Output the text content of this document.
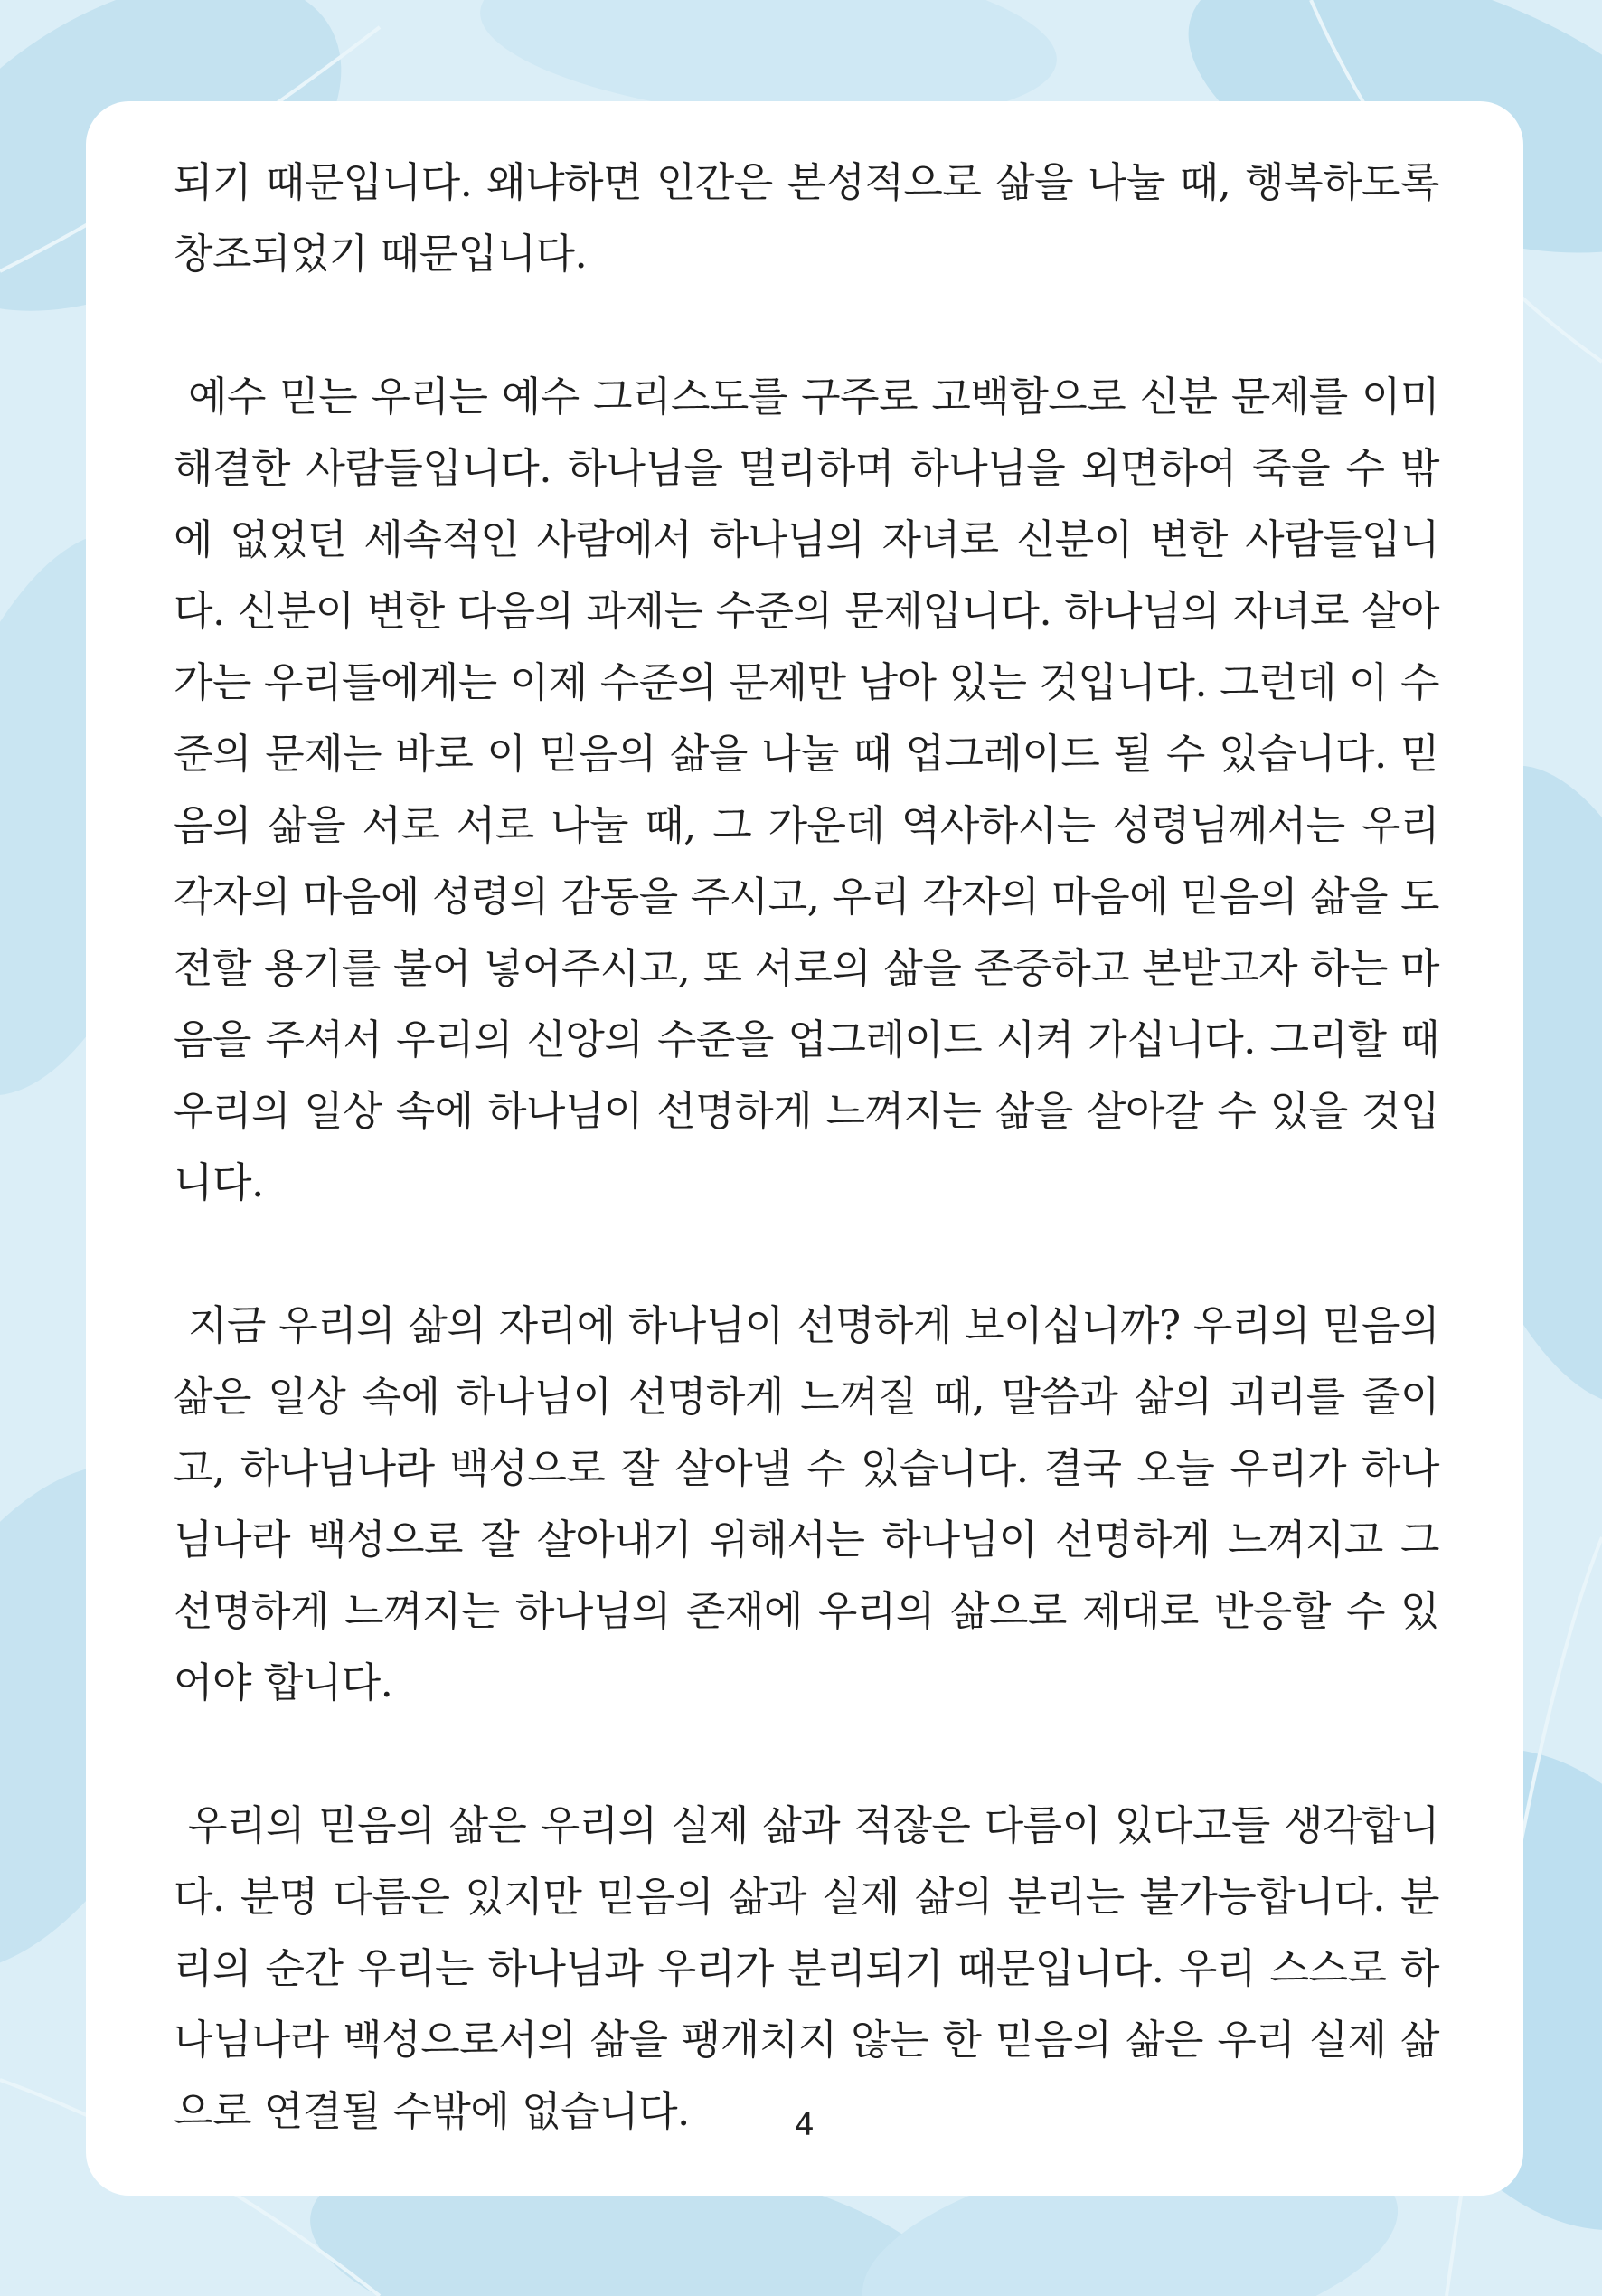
되기 때문입니다. 왜냐하면 인간은 본성적으로 삶을 나눌 때, 행복하도록 창조되었기 때문입니다.

예수 믿는 우리는 예수 그리스도를 구주로 고백함으로 신분 문제를 이미 해결한 사람들입니다. 하나님을 멀리하며 하나님을 외면하여 죽을 수 밖에 없었던 세속적인 사람에서 하나님의 자녀로 신분이 변한 사람들입니다. 신분이 변한 다음의 과제는 수준의 문제입니다. 하나님의 자녀로 살아가는 우리들에게는 이제 수준의 문제만 남아 있는 것입니다. 그런데 이 수준의 문제는 바로 이 믿음의 삶을 나눌 때 업그레이드 될 수 있습니다. 믿음의 삶을 서로 서로 나눌 때, 그 가운데 역사하시는 성령님께서는 우리 각자의 마음에 성령의 감동을 주시고, 우리 각자의 마음에 믿음의 삶을 도전할 용기를 불어 넣어주시고, 또 서로의 삶을 존중하고 본받고자 하는 마음을 주셔서 우리의 신앙의 수준을 업그레이드 시켜 가십니다. 그리할 때 우리의 일상 속에 하나님이 선명하게 느껴지는 삶을 살아갈 수 있을 것입니다.

지금 우리의 삶의 자리에 하나님이 선명하게 보이십니까? 우리의 믿음의 삶은 일상 속에 하나님이 선명하게 느껴질 때, 말씀과 삶의 괴리를 줄이고, 하나님나라 백성으로 잘 살아낼 수 있습니다. 결국 오늘 우리가 하나님나라 백성으로 잘 살아내기 위해서는 하나님이 선명하게 느껴지고 그 선명하게 느껴지는 하나님의 존재에 우리의 삶으로 제대로 반응할 수 있어야 합니다.

우리의 믿음의 삶은 우리의 실제 삶과 적잖은 다름이 있다고들 생각합니다. 분명 다름은 있지만 믿음의 삶과 실제 삶의 분리는 불가능합니다. 분리의 순간 우리는 하나님과 우리가 분리되기 때문입니다. 우리 스스로 하나님나라 백성으로서의 삶을 팽개치지 않는 한 믿음의 삶은 우리 실제 삶으로 연결될 수밖에 없습니다.	4
